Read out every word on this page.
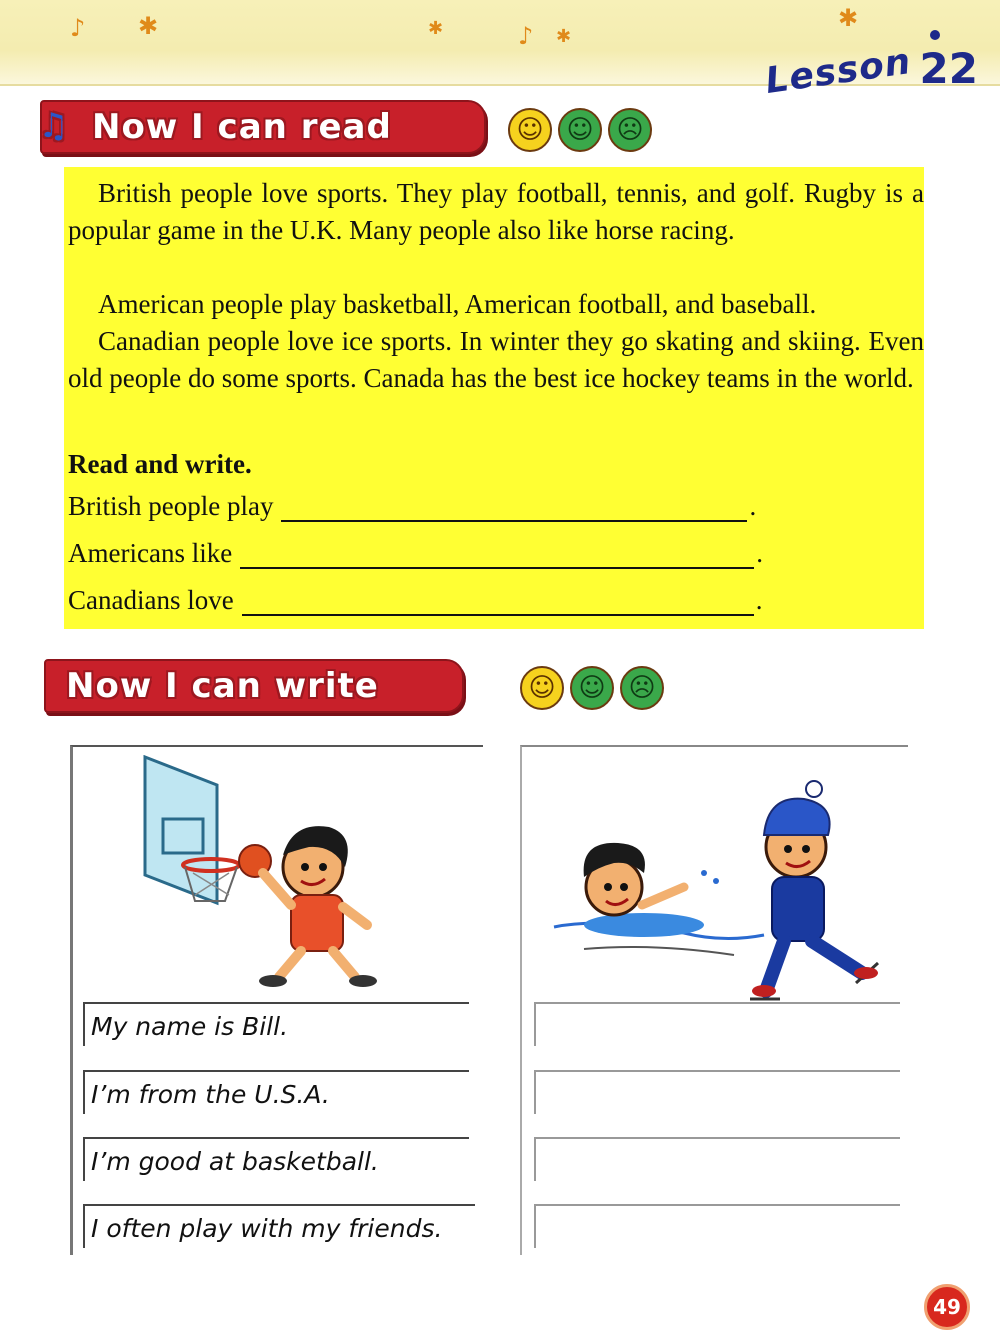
♪ ✱	✱	♪ ✱
✱
Lesson 22
♫ Now I can read	☺ ☺ ☹
British people love sports. They play football, tennis, and golf. Rugby is a popular game in the U.K. Many people also like horse racing.
American people play basketball, American football, and baseball.
Canadian people love ice sports. In winter they go skating and skiing. Even old people do some sports. Canada has the best ice hockey teams in the world.
Read and write.
British people play	.
Americans like	.
Canadians love	.
Now I can write	☺ ☺ ☹
My name is Bill.
I’m from the U.S.A.
I’m good at basketball.
I often play with my friends.
49
